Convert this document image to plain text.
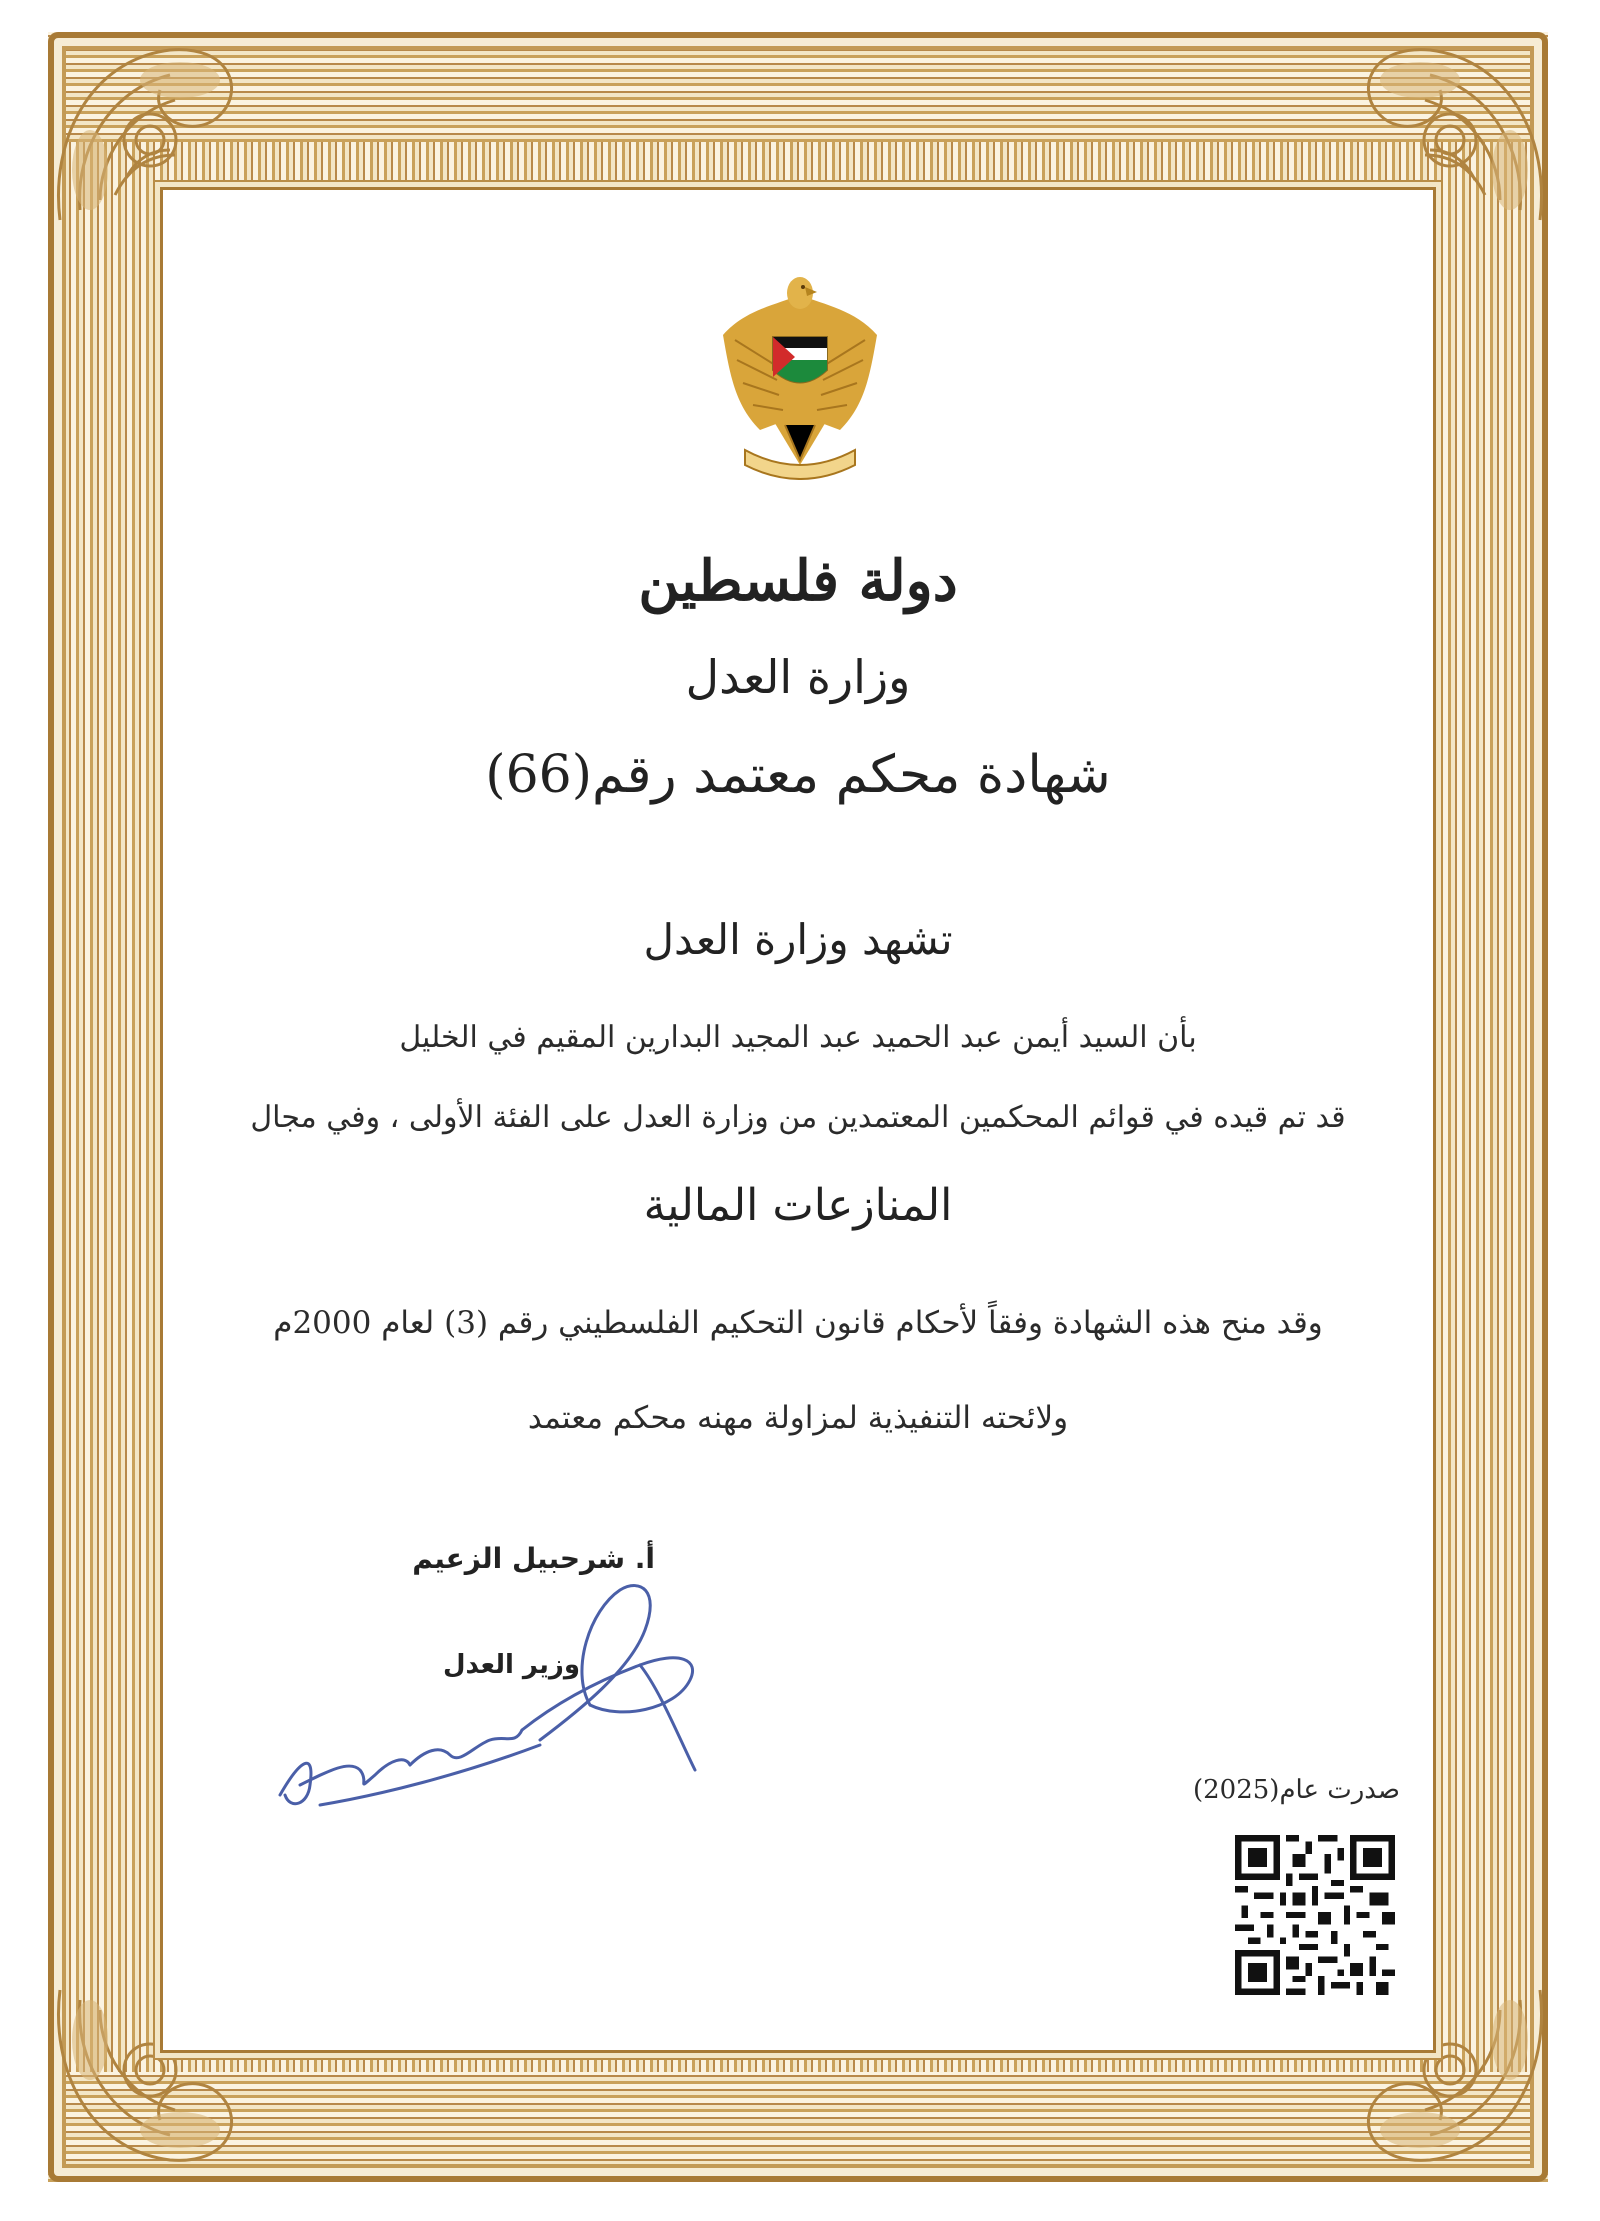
دولة فلسطين
وزارة العدل
شهادة محكم معتمد رقم(66)
تشهد وزارة العدل
بأن السيد أيمن عبد الحميد عبد المجيد البدارين المقيم في الخليل
قد تم قيده في قوائم المحكمين المعتمدين من وزارة العدل على الفئة الأولى ، وفي مجال
المنازعات المالية
وقد منح هذه الشهادة وفقاً لأحكام قانون التحكيم الفلسطيني رقم (3) لعام 2000م
ولائحته التنفيذية لمزاولة مهنه محكم معتمد
أ. شرحبيل الزعيم
وزير العدل
صدرت عام(2025)
